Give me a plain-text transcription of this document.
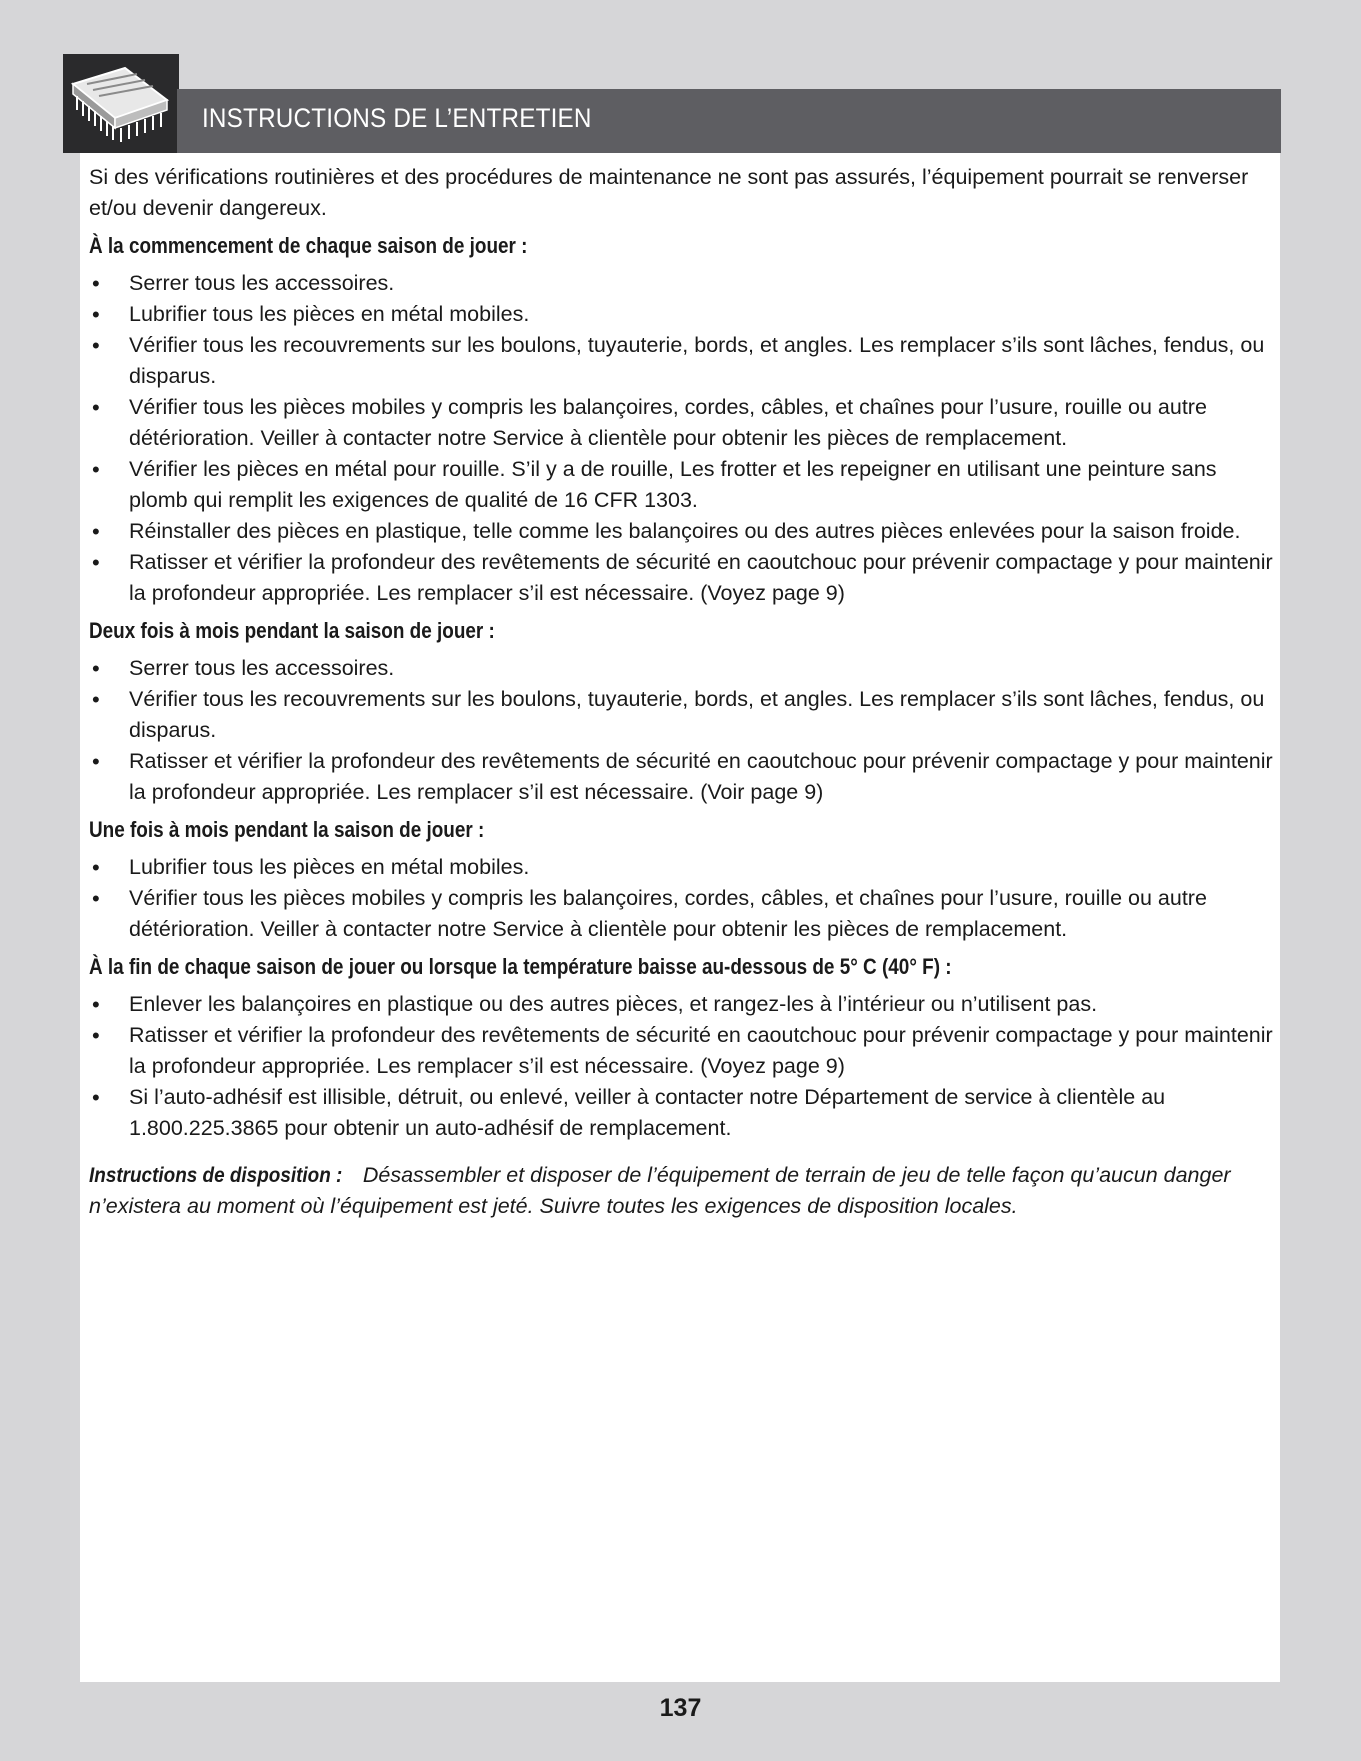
INSTRUCTIONS DE L’ENTRETIEN

Si des vérifications routinières et des procédures de maintenance ne sont pas assurés, l’équipement pourrait se renverser et/ou devenir dangereux.

À la commencement de chaque saison de jouer :
• Serrer tous les accessoires.
• Lubrifier tous les pièces en métal mobiles.
• Vérifier tous les recouvrements sur les boulons, tuyauterie, bords, et angles. Les remplacer s’ils sont lâches, fendus, ou disparus.
• Vérifier tous les pièces mobiles y compris les balançoires, cordes, câbles, et chaînes pour l’usure, rouille ou autre détérioration. Veiller à contacter notre Service à clientèle pour obtenir les pièces de remplacement.
• Vérifier les pièces en métal pour rouille. S’il y a de rouille, Les frotter et les repeigner en utilisant une peinture sans plomb qui remplit les exigences de qualité de 16 CFR 1303.
• Réinstaller des pièces en plastique, telle comme les balançoires ou des autres pièces enlevées pour la saison froide.
• Ratisser et vérifier la profondeur des revêtements de sécurité en caoutchouc pour prévenir compactage y pour maintenir la profondeur appropriée. Les remplacer s’il est nécessaire. (Voyez page 9)
Deux fois à mois pendant la saison de jouer :
• Serrer tous les accessoires.
• Vérifier tous les recouvrements sur les boulons, tuyauterie, bords, et angles. Les remplacer s’ils sont lâches, fendus, ou disparus.
• Ratisser et vérifier la profondeur des revêtements de sécurité en caoutchouc pour prévenir compactage y pour maintenir la profondeur appropriée. Les remplacer s’il est nécessaire. (Voir page 9)
Une fois à mois pendant la saison de jouer :
• Lubrifier tous les pièces en métal mobiles.
• Vérifier tous les pièces mobiles y compris les balançoires, cordes, câbles, et chaînes pour l’usure, rouille ou autre détérioration. Veiller à contacter notre Service à clientèle pour obtenir les pièces de remplacement.
À la fin de chaque saison de jouer ou lorsque la température baisse au-dessous de 5° C (40° F) :
• Enlever les balançoires en plastique ou des autres pièces, et rangez-les à l’intérieur ou n’utilisent pas.
• Ratisser et vérifier la profondeur des revêtements de sécurité en caoutchouc pour prévenir compactage y pour maintenir la profondeur appropriée. Les remplacer s’il est nécessaire. (Voyez page 9)
• Si l’auto-adhésif est illisible, détruit, ou enlevé, veiller à contacter notre Département de service à clientèle au 1.800.225.3865 pour obtenir un auto-adhésif de remplacement.

Instructions de disposition : Désassembler et disposer de l’équipement de terrain de jeu de telle façon qu’aucun danger n’existera au moment où l’équipement est jeté. Suivre toutes les exigences de disposition locales.

137
